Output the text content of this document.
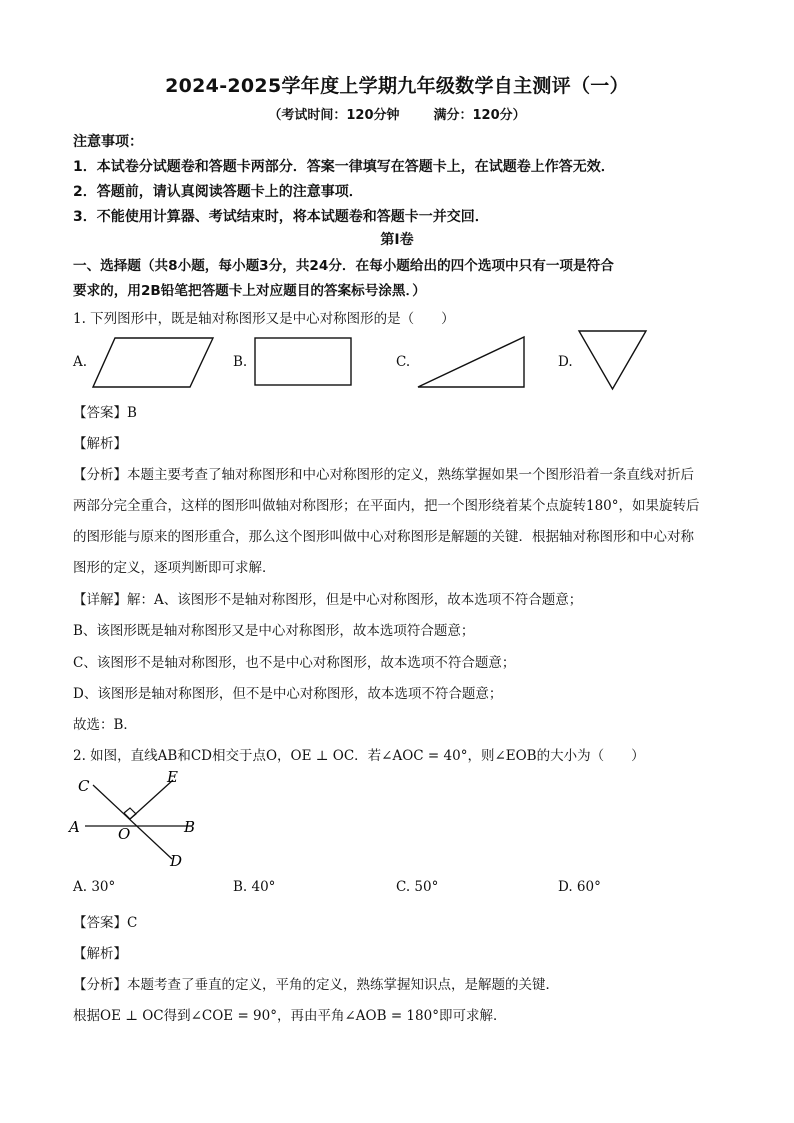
2024-2025学年度上学期九年级数学自主测评（一）
（考试时间：120分钟	满分：120分）
注意事项：
1．本试卷分试题卷和答题卡两部分．答案一律填写在答题卡上，在试题卷上作答无效．
2．答题前，请认真阅读答题卡上的注意事项．
3．不能使用计算器、考试结束时，将本试题卷和答题卡一并交回．
第Ⅰ卷
一、选择题（共8小题，每小题3分，共24分．在每小题给出的四个选项中只有一项是符合
要求的，用2B铅笔把答题卡上对应题目的答案标号涂黑．）
1. 下列图形中，既是轴对称图形又是中心对称图形的是（　　）
A.	B.	C.	D.
【答案】B
【解析】
【分析】本题主要考查了轴对称图形和中心对称图形的定义，熟练掌握如果一个图形沿着一条直线对折后
两部分完全重合，这样的图形叫做轴对称图形；在平面内，把一个图形绕着某个点旋转180°，如果旋转后
的图形能与原来的图形重合，那么这个图形叫做中心对称图形是解题的关键．根据轴对称图形和中心对称
图形的定义，逐项判断即可求解．
【详解】解：A、该图形不是轴对称图形，但是中心对称图形，故本选项不符合题意；
B、该图形既是轴对称图形又是中心对称图形，故本选项符合题意；
C、该图形不是轴对称图形，也不是中心对称图形，故本选项不符合题意；
D、该图形是轴对称图形，但不是中心对称图形，故本选项不符合题意；
故选：B．
2. 如图，直线AB和CD相交于点O，OE ⊥ OC．若∠AOC = 40°，则∠EOB的大小为（　　）
A	B
C
D
E
O
A. 30°	B. 40°	C. 50°	D. 60°
【答案】C
【解析】
【分析】本题考查了垂直的定义，平角的定义，熟练掌握知识点，是解题的关键．
根据OE ⊥ OC得到∠COE = 90°，再由平角∠AOB = 180°即可求解．
